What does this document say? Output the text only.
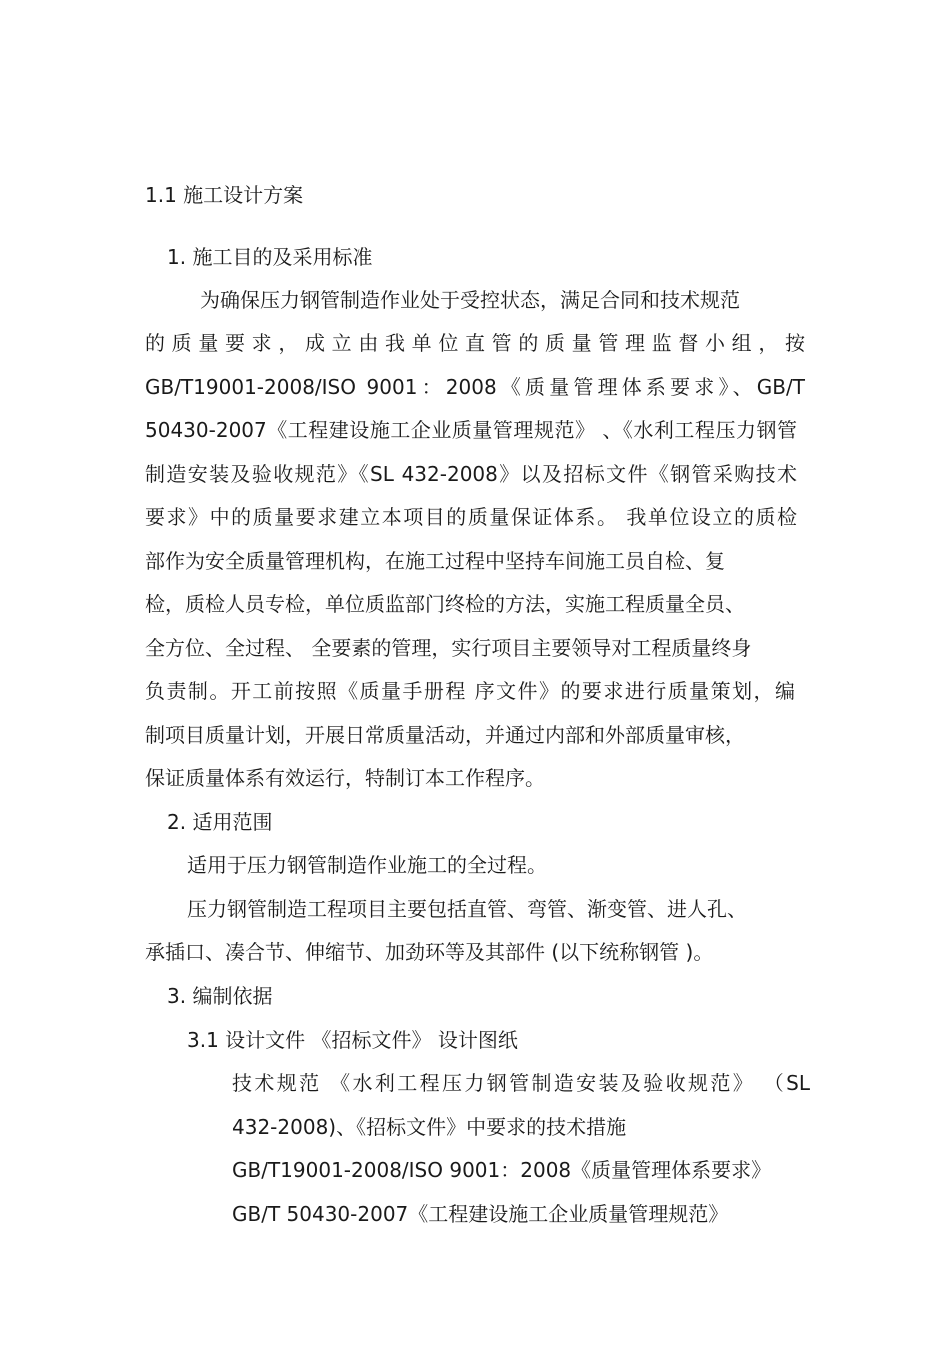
1.1 施工设计方案

1. 施工目的及采用标准

为确保压力钢管制造作业处于受控状态，满足合同和技术规范

的质量要求，成立由我单位直管的质量管理监督小组，按

GB/T19001-2008/ISO 9001：2008《质量管理体系要求》、GB/T

50430-2007《工程建设施工企业质量管理规范》 、《水利工程压力钢管

制造安装及验收规范》《SL 432-2008》以及招标文件《钢管采购技术

要求》中的质量要求建立本项目的质量保证体系。 我单位设立的质检

部作为安全质量管理机构，在施工过程中坚持车间施工员自检、复

检，质检人员专检，单位质监部门终检的方法，实施工程质量全员、

全方位、全过程、 全要素的管理，实行项目主要领导对工程质量终身

负责制。开工前按照《质量手册程 序文件》的要求进行质量策划，编

制项目质量计划，开展日常质量活动，并通过内部和外部质量审核，

保证质量体系有效运行，特制订本工作程序。

2. 适用范围

适用于压力钢管制造作业施工的全过程。

压力钢管制造工程项目主要包括直管、弯管、渐变管、进人孔、

承插口、凑合节、伸缩节、加劲环等及其部件 (以下统称钢管 )。

3. 编制依据

3.1 设计文件 《招标文件》 设计图纸

技术规范 《水利工程压力钢管制造安装及验收规范》 （SL

432-2008)、《招标文件》中要求的技术措施

GB/T19001-2008/ISO 9001：2008《质量管理体系要求》

GB/T 50430-2007《工程建设施工企业质量管理规范》
